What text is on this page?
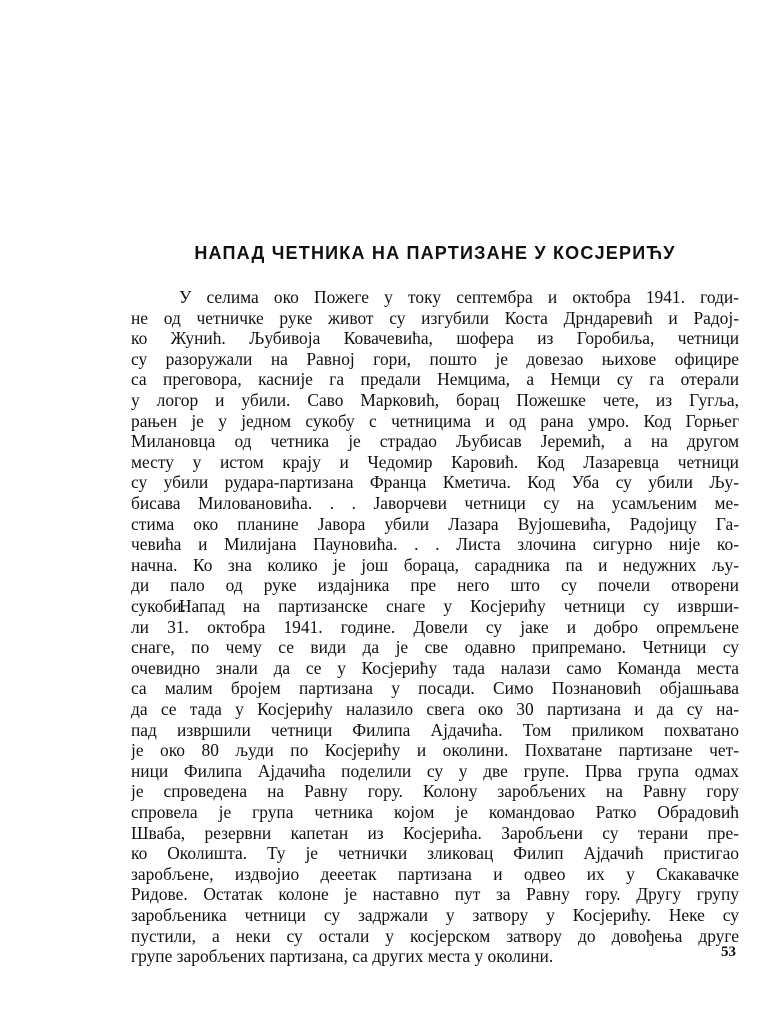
НАПАД ЧЕТНИКА НА ПАРТИЗАНЕ У КОСЈЕРИЋУ
У селима око Пожеге у току септембра и октобра 1941. годи-
не од четничке руке живот су изгубили Коста Дрндаревић и Радој-
ко Жунић. Љубивоја Ковачевића, шофера из Горобиља, четници
су разоружали на Равној гори, пошто је довезао њихове официре
са преговора, касније га предали Немцима, а Немци су га отерали
у логор и убили. Саво Марковић, борац Пожешке чете, из Гугља,
рањен је у једном сукобу с четницима и од рана умро. Код Горњег
Милановца од четника је страдао Љубисав Јеремић, а на другом
месту у истом крају и Чедомир Каровић. Код Лазаревца четници
су убили рудара-партизана Франца Кметича. Код Уба су убили Љу-
бисава Миловановића. . . Јаворчеви четници су на усамљеним ме-
стима око планине Јавора убили Лазара Вујошевића, Радојицу Га-
чевића и Милијана Пауновића. . . Листа злочина сигурно није ко-
начна. Ко зна колико је још бораца, сарадника па и недужних љу-
ди пало од руке издајника пре него што су почели отворени
сукоби.
Напад на партизанске снаге у Косјерићу четници су изврши-
ли 31. октобра 1941. године. Довели су јаке и добро опремљене
снаге, по чему се види да је све одавно припремано. Четници су
очевидно знали да се у Косјерићу тада налази само Команда места
са малим бројем партизана у посади. Симо Познановић објашњава
да се тада у Косјерићу налазило свега око 30 партизана и да су на-
пад извршили четници Филипа Ајдачића. Том приликом похватано
је око 80 људи по Косјерићу и околини. Похватане партизане чет-
ници Филипа Ајдачића поделили су у две групе. Прва група одмах
је спроведена на Равну гору. Колону заробљених на Равну гору
спровела је група четника којом је командовао Ратко Обрадовић
Шваба, резервни капетан из Косјерића. Заробљени су терани пре-
ко Околишта. Ту је четнички зликовац Филип Ајдачић пристигао
заробљене, издвојио дееетак партизана и одвео их у Скакавачке
Ридове. Остатак колоне је наставно пут за Равну гору. Другу групу
заробљеника четници су задржали у затвору у Косјерићу. Неке су
пустили, а неки су остали у косјерском затвору до довођења друге
групе заробљених партизана, са других места у околини.	53
